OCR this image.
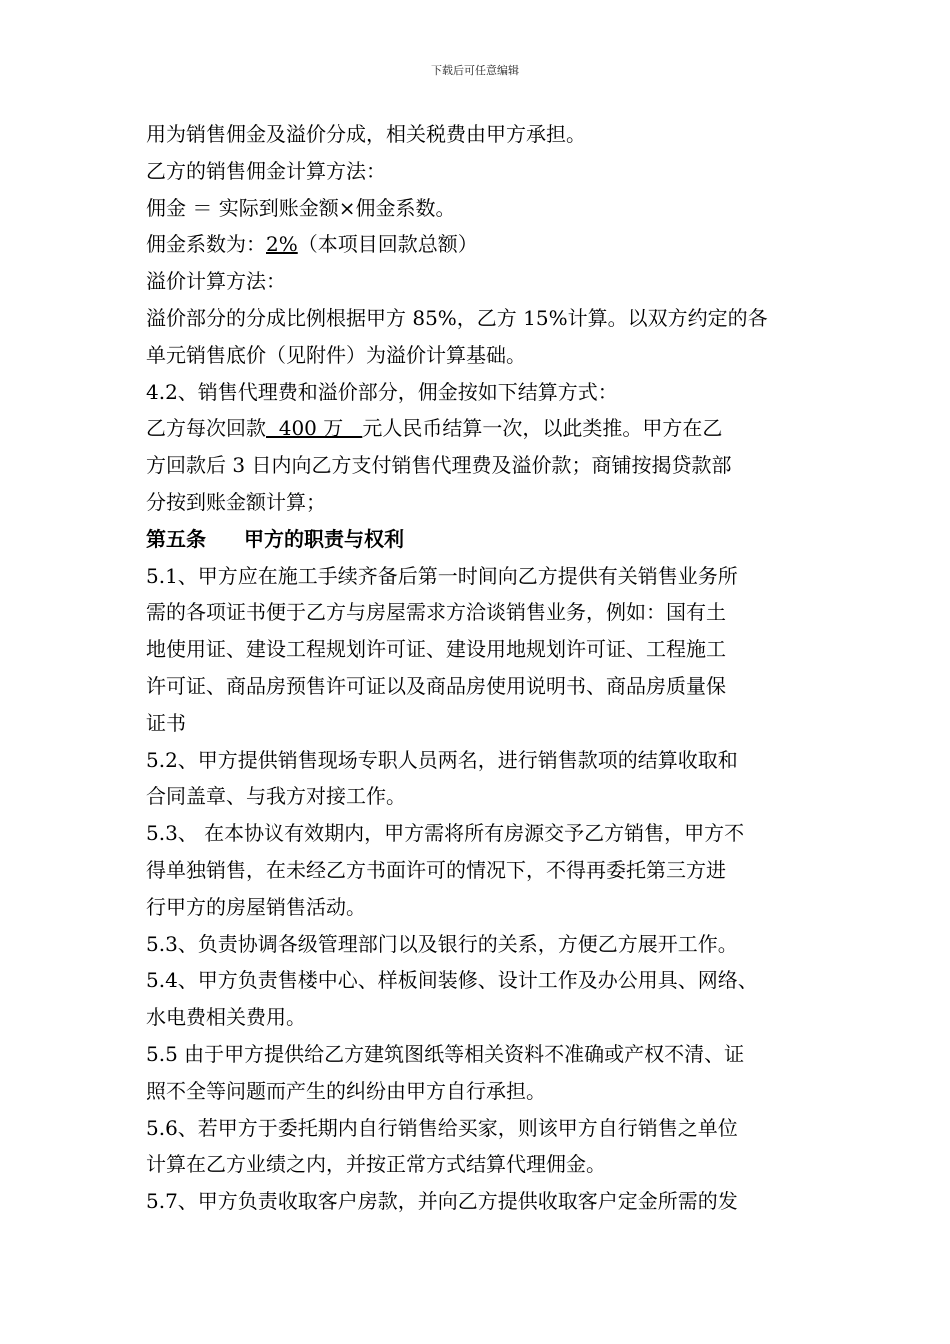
下载后可任意编辑
用为销售佣金及溢价分成，相关税费由甲方承担。
乙方的销售佣金计算方法：
佣金 ＝ 实际到账金额×佣金系数。
佣金系数为：2%（本项目回款总额）
溢价计算方法：
溢价部分的分成比例根据甲方 85%，乙方 15%计算。以双方约定的各
单元销售底价（见附件）为溢价计算基础。
4.2、销售代理费和溢价部分，佣金按如下结算方式：
乙方每次回款  400 万   元人民币结算一次，以此类推。甲方在乙
方回款后 3 日内向乙方支付销售代理费及溢价款；商铺按揭贷款部
分按到账金额计算；
第五条 甲方的职责与权利
5.1、甲方应在施工手续齐备后第一时间向乙方提供有关销售业务所
需的各项证书便于乙方与房屋需求方洽谈销售业务，例如：国有土
地使用证、建设工程规划许可证、建设用地规划许可证、工程施工
许可证、商品房预售许可证以及商品房使用说明书、商品房质量保
证书
5.2、甲方提供销售现场专职人员两名，进行销售款项的结算收取和
合同盖章、与我方对接工作。
5.3、 在本协议有效期内，甲方需将所有房源交予乙方销售，甲方不
得单独销售，在未经乙方书面许可的情况下，不得再委托第三方进
行甲方的房屋销售活动。
5.3、负责协调各级管理部门以及银行的关系，方便乙方展开工作。
5.4、甲方负责售楼中心、样板间装修、设计工作及办公用具、网络、
水电费相关费用。
5.5 由于甲方提供给乙方建筑图纸等相关资料不准确或产权不清、证
照不全等问题而产生的纠纷由甲方自行承担。
5.6、若甲方于委托期内自行销售给买家，则该甲方自行销售之单位
计算在乙方业绩之内，并按正常方式结算代理佣金。
5.7、甲方负责收取客户房款，并向乙方提供收取客户定金所需的发
